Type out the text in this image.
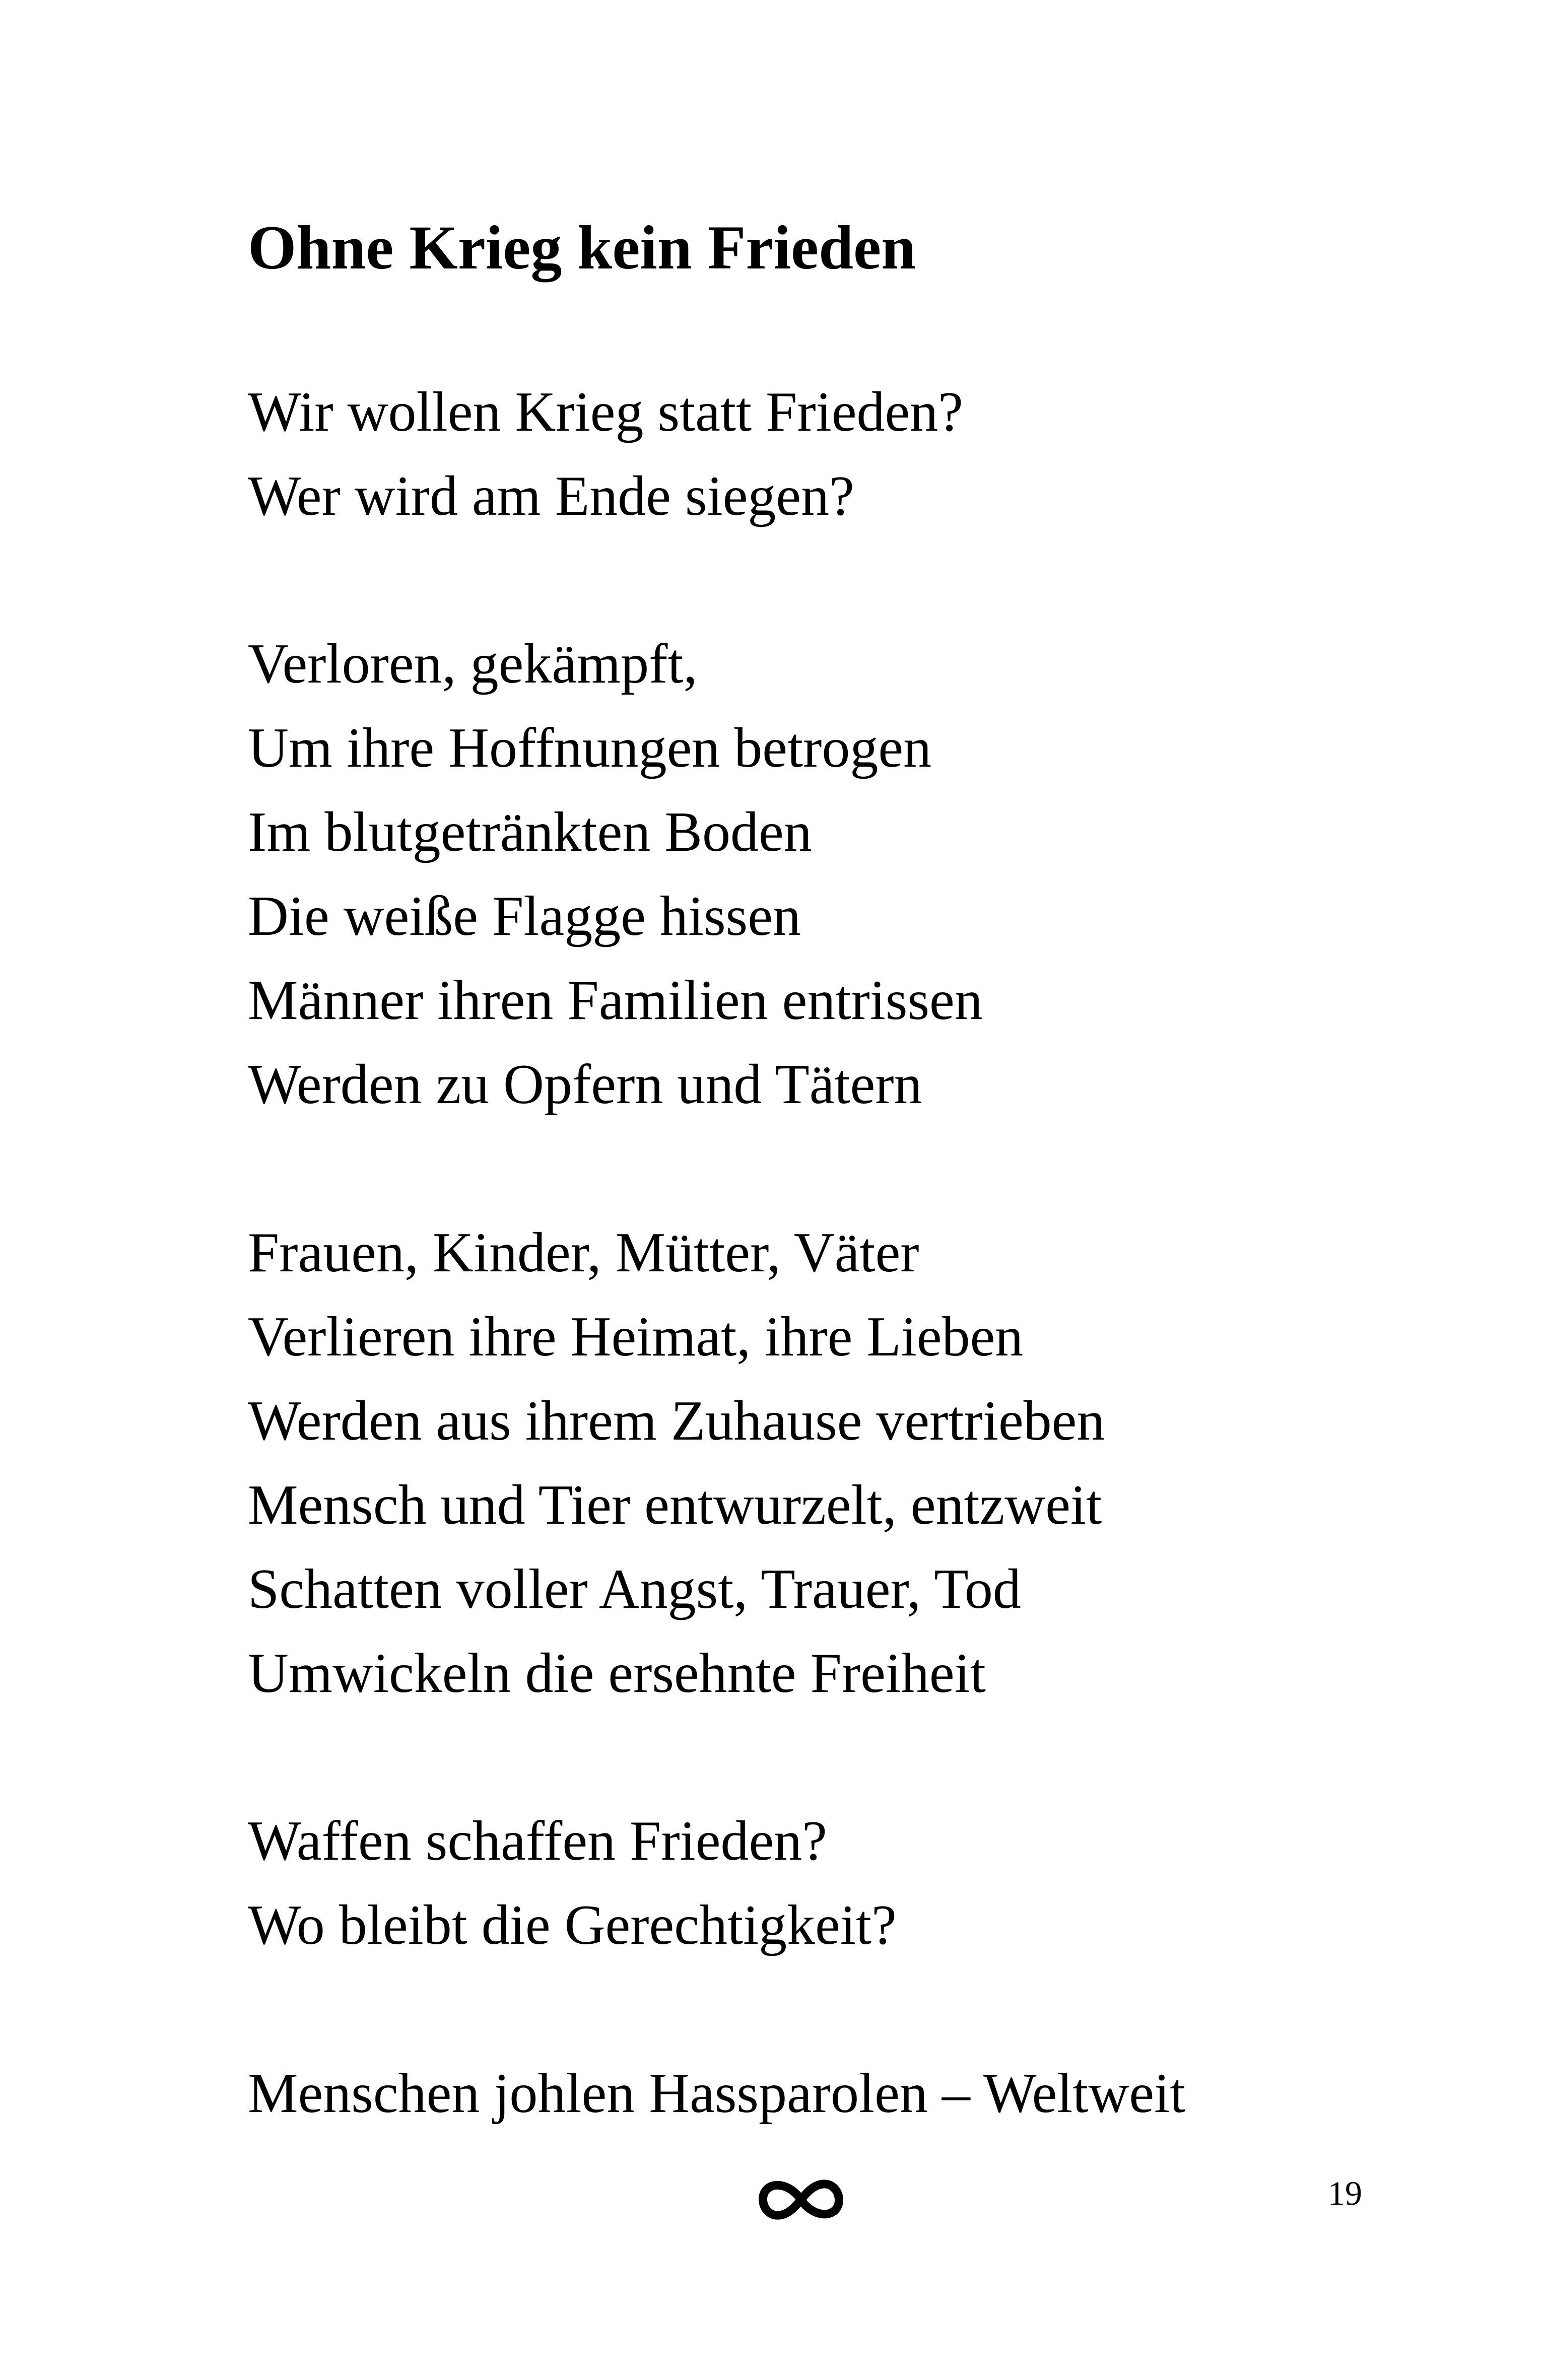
Ohne Krieg kein Frieden
Wir wollen Krieg statt Frieden?
Wer wird am Ende siegen?
Verloren, gekämpft,
Um ihre Hoffnungen betrogen
Im blutgetränkten Boden
Die weiße Flagge hissen
Männer ihren Familien entrissen
Werden zu Opfern und Tätern
Frauen, Kinder, Mütter, Väter
Verlieren ihre Heimat, ihre Lieben
Werden aus ihrem Zuhause vertrieben
Mensch und Tier entwurzelt, entzweit
Schatten voller Angst, Trauer, Tod
Umwickeln die ersehnte Freiheit
Waffen schaffen Frieden?
Wo bleibt die Gerechtigkeit?
Menschen johlen Hassparolen – Weltweit
19
